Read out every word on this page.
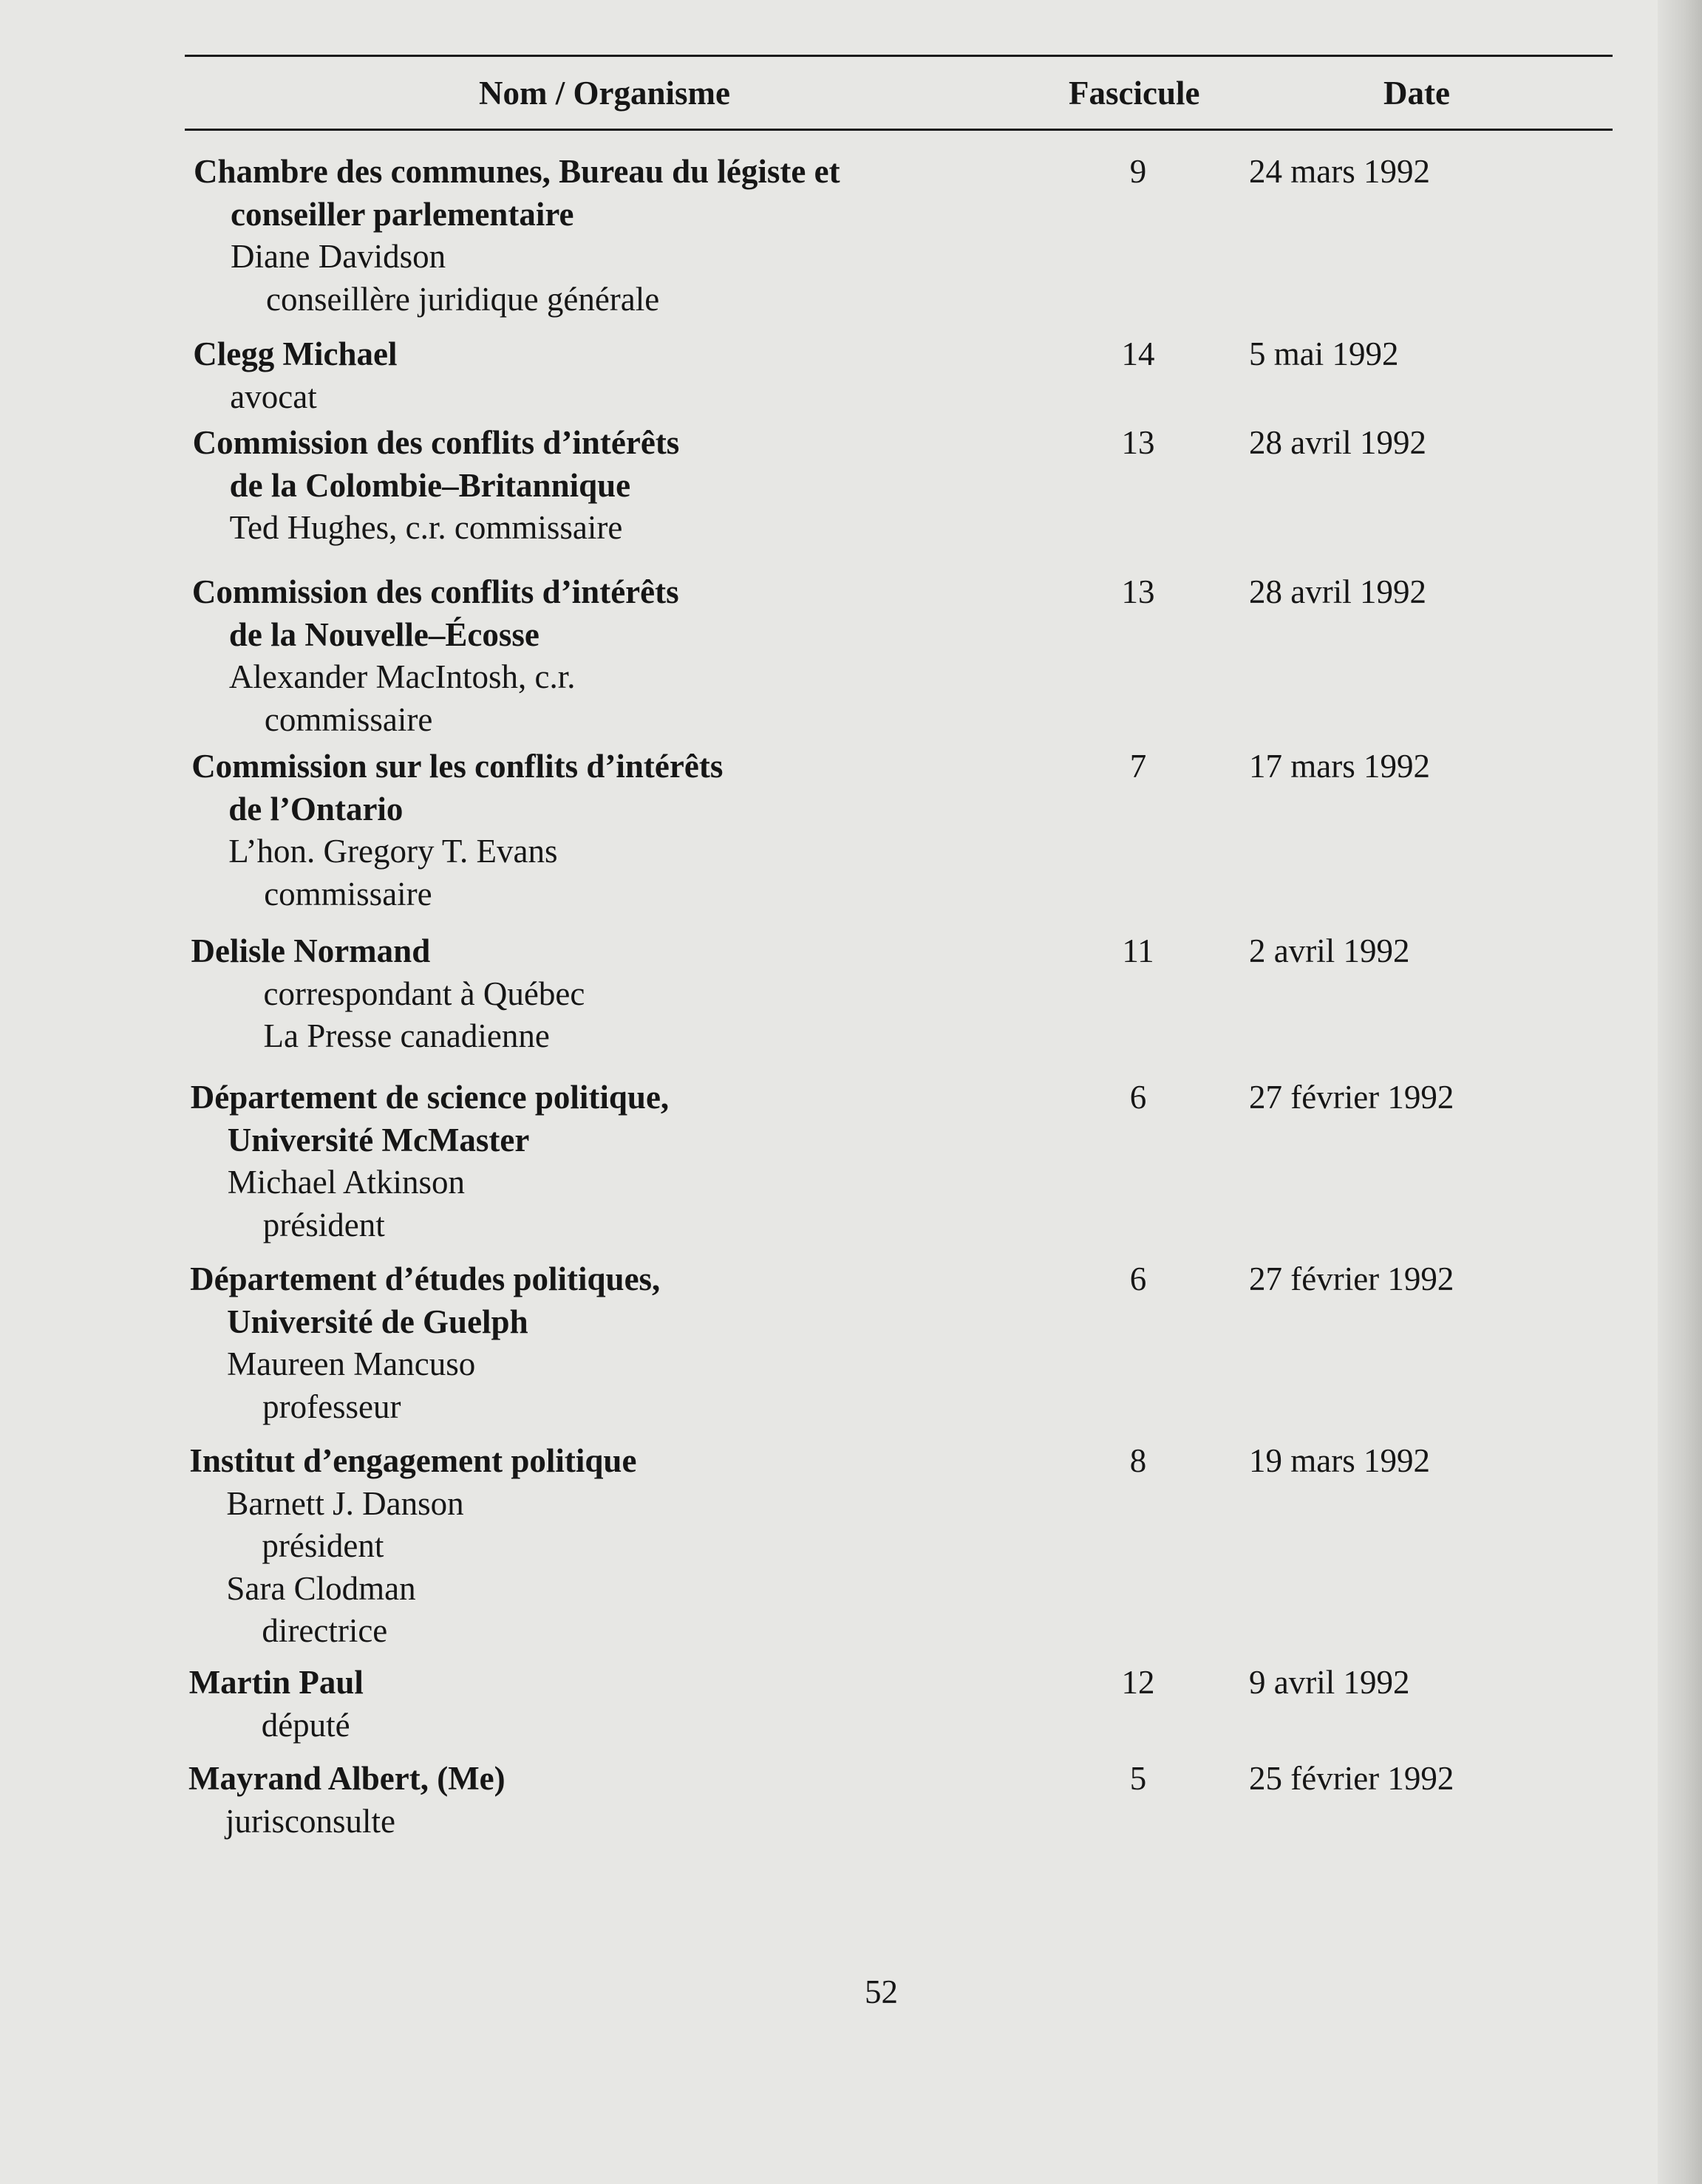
Nom / Organisme	Fascicule	Date
Chambre des communes, Bureau du légiste et
conseiller parlementaire
Diane Davidson
conseillère juridique générale
9	24 mars 1992
Clegg Michael
avocat
14	5 mai 1992
Commission des conflits d’intérêts
de la Colombie–Britannique
Ted Hughes, c.r. commissaire
13	28 avril 1992
Commission des conflits d’intérêts
de la Nouvelle–Écosse
Alexander MacIntosh, c.r.
commissaire
13	28 avril 1992
Commission sur les conflits d’intérêts
de l’Ontario
L’hon. Gregory T. Evans
commissaire
7	17 mars 1992
Delisle Normand
correspondant à Québec
La Presse canadienne
11	2 avril 1992
Département de science politique,
Université McMaster
Michael Atkinson
président
6	27 février 1992
Département d’études politiques,
Université de Guelph
Maureen Mancuso
professeur
6	27 février 1992
Institut d’engagement politique
Barnett J. Danson
président
Sara Clodman
directrice
8	19 mars 1992
Martin Paul
député
12	9 avril 1992
Mayrand Albert, (Me)
jurisconsulte
5	25 février 1992
52
